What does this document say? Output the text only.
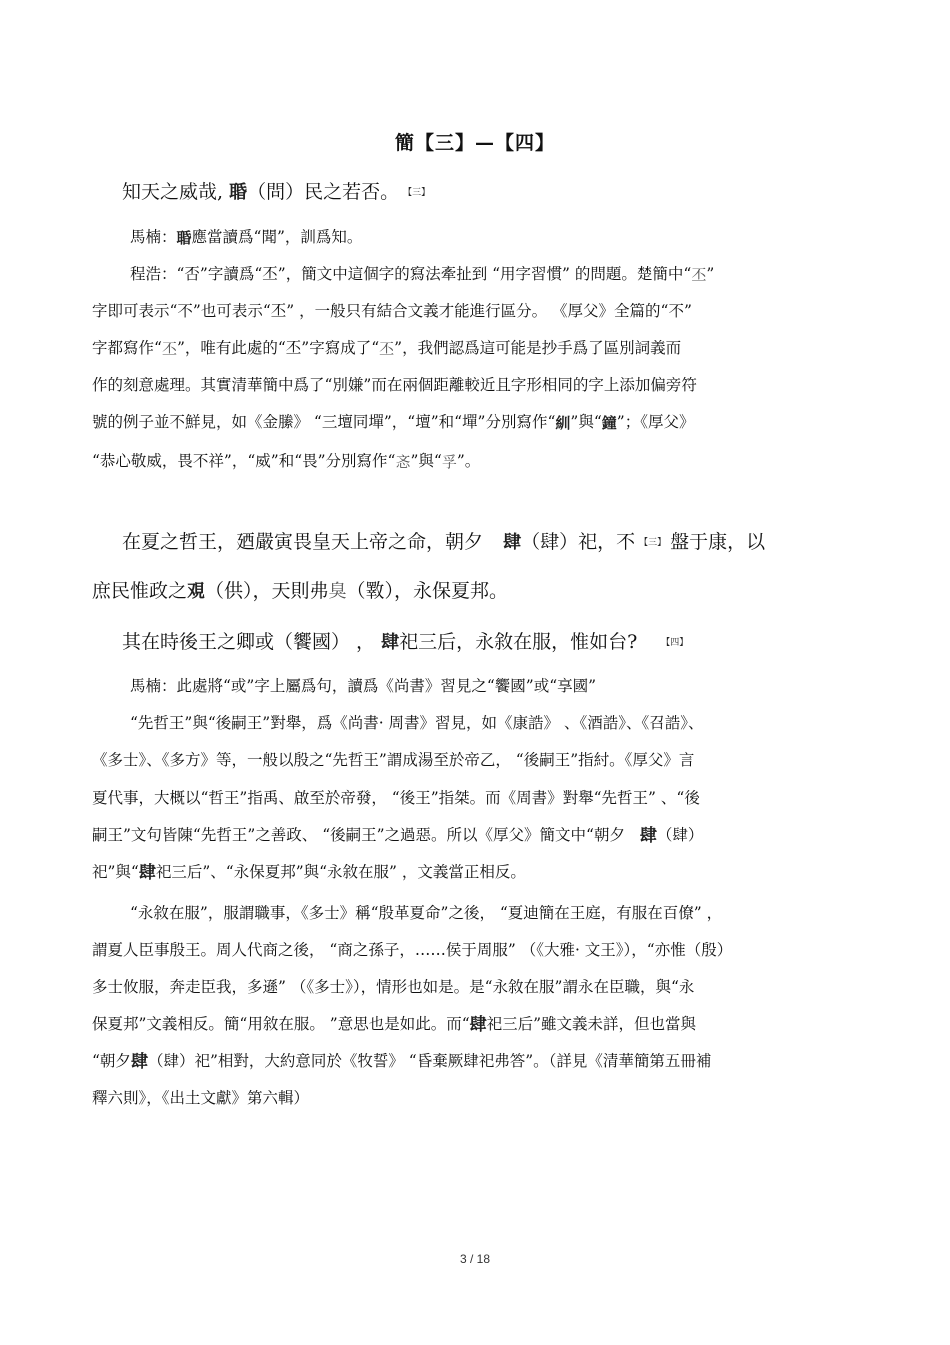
簡【三】—【四】
知天之威哉, 䎽（問）民之若否。 【三】
馬楠：䎽應當讀爲“聞”，訓爲知。
程浩：“否”字讀爲“丕”，簡文中這個字的寫法牽扯到 “用字習慣” 的問題。楚簡中“丕”
字即可表示“不”也可表示“丕” ，一般只有結合文義才能進行區分。 《厚父》全篇的“不”
字都寫作“丕”，唯有此處的“丕”字寫成了“丕”，我們認爲這可能是抄手爲了區別詞義而
作的刻意處理。其實清華簡中爲了“別嫌”而在兩個距離較近且字形相同的字上添加偏旁符
號的例子並不鮮見，如《金縢》 “三壇同墠”，“壇”和“墠”分別寫作“紃”與“鐘”；《厚父》
“恭心敬威，畏不祥”，“威”和“畏”分別寫作“忞”與“孚”。
在夏之哲王，廼嚴寅畏皇天上帝之命，朝夕 肆（肆）祀，不 【三】 盤于康，以
庶民惟政之覌（供），天則弗臭（斁），永保夏邦。
其在時後王之卿或（饗國） ， 肆祀三后，永敘在服，惟如台?	【四】
馬楠：此處將“或”字上屬爲句，讀爲《尚書》習見之“饗國”或“享國”
“先哲王”與“後嗣王”對舉，爲《尚書· 周書》習見，如《康誥》 、《酒誥》、《召誥》、
《多士》、《多方》等，一般以殷之“先哲王”謂成湯至於帝乙， “後嗣王”指紂。《厚父》言
夏代事，大概以“哲王”指禹、啟至於帝發， “後王”指桀。而《周書》對舉“先哲王” 、“後
嗣王”文句皆陳“先哲王”之善政、 “後嗣王”之過惡。所以《厚父》簡文中“朝夕 肆（肆）
祀”與“肆祀三后”、“永保夏邦”與“永敘在服” ，文義當正相反。
“永敘在服”，服謂職事，《多士》稱“殷革夏命”之後， “夏迪簡在王庭，有服在百僚” ，
謂夏人臣事殷王。周人代商之後， “商之孫子，……侯于周服” （《大雅· 文王》），“亦惟（殷）
多士攸服，奔走臣我，多遜” （《多士》），情形也如是。是“永敘在服”謂永在臣職，與“永
保夏邦”文義相反。簡“用敘在服。 ”意思也是如此。而“肆祀三后”雖文義未詳，但也當與
“朝夕肆（肆）祀”相對，大約意同於《牧誓》 “昏棄厥肆祀弗答”。（詳見《清華簡第五冊補
釋六則》，《出土文獻》第六輯）
3 / 18
